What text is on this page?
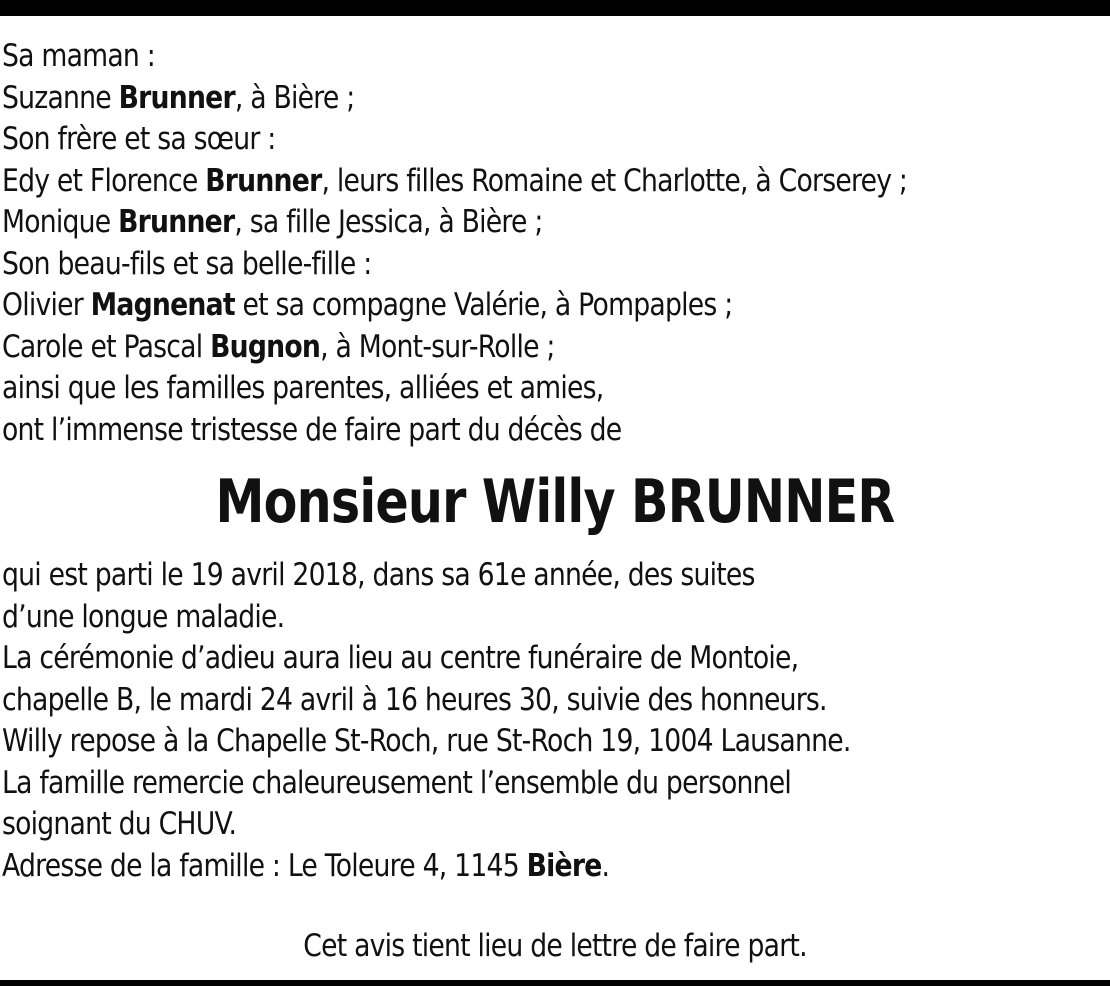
Sa maman :
Suzanne Brunner, à Bière ;
Son frère et sa sœur :
Edy et Florence Brunner, leurs filles Romaine et Charlotte, à Corserey ;
Monique Brunner, sa fille Jessica, à Bière ;
Son beau-fils et sa belle-fille :
Olivier Magnenat et sa compagne Valérie, à Pompaples ;
Carole et Pascal Bugnon, à Mont-sur-Rolle ;
ainsi que les familles parentes, alliées et amies,
ont l’immense tristesse de faire part du décès de
Monsieur Willy BRUNNER
qui est parti le 19 avril 2018, dans sa 61e année, des suites
d’une longue maladie.
La cérémonie d’adieu aura lieu au centre funéraire de Montoie,
chapelle B, le mardi 24 avril à 16 heures 30, suivie des honneurs.
Willy repose à la Chapelle St-Roch, rue St-Roch 19, 1004 Lausanne.
La famille remercie chaleureusement l’ensemble du personnel
soignant du CHUV.
Adresse de la famille : Le Toleure 4, 1145 Bière.
Cet avis tient lieu de lettre de faire part.
